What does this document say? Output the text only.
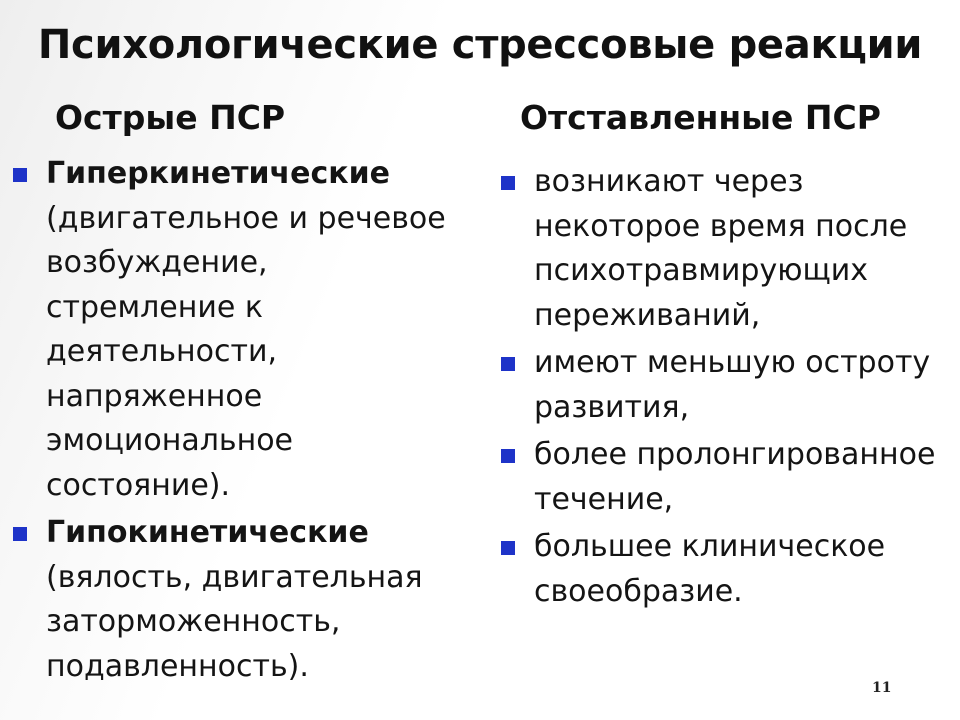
Психологические стрессовые реакции
Острые ПСР	Отставленные ПСР
Гиперкинетические (двигательное и речевое возбуждение, стремление к деятельности, напряженное эмоциональное состояние).
Гипокинетические (вялость, двигательная заторможенность, подавленность).
возникают через некоторое время после психотравмирующих переживаний,
имеют меньшую остроту развития,
более пролонгированное течение,
большее клиническое своеобразие.
11
